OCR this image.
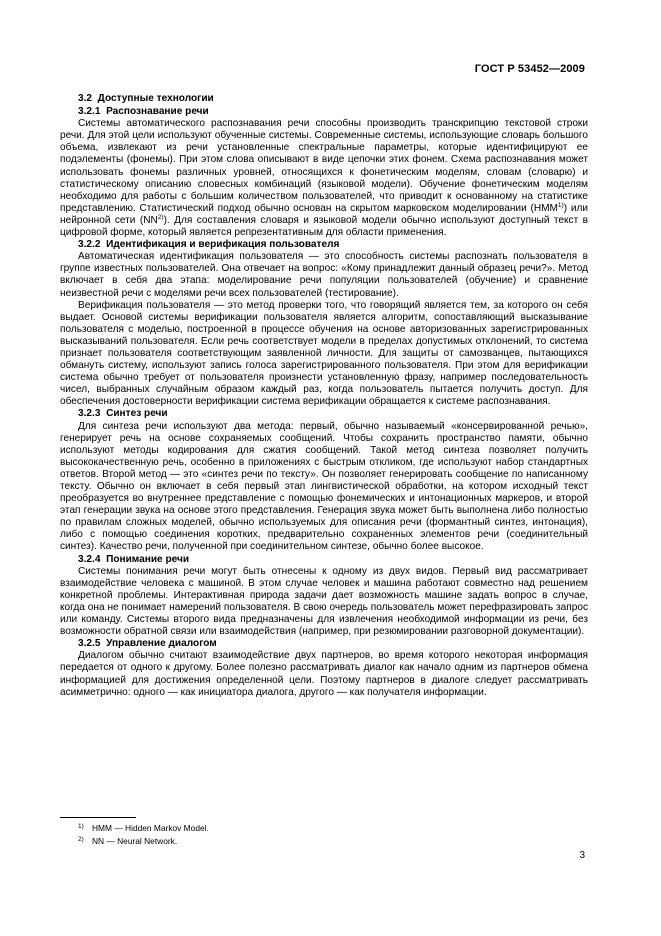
ГОСТ Р 53452—2009
3.2 Доступные технологии
3.2.1 Распознавание речи

Системы автоматического распознавания речи способны производить транскрипцию текстовой строки речи. Для этой цели используют обученные системы. Современные системы, использующие словарь большого объема, извлекают из речи установленные спектральные параметры, которые идентифицируют ее подэлементы (фонемы). При этом слова описывают в виде цепочки этих фонем. Схема распознавания может использовать фонемы различных уровней, относящихся к фонетическим моделям, словам (словарю) и статистическому описанию словесных комбинаций (языковой модели). Обучение фонетическим моделям необходимо для работы с большим количеством пользователей, что приводит к основанному на статистике представлению. Статистический подход обычно основан на скрытом марковском моделировании (HMM$^{1)}$) или нейронной сети (NN$^{2)}$). Для составления словаря и языковой модели обычно используют доступный текст в цифровой форме, который является репрезентативным для области применения.

3.2.2 Идентификация и верификация пользователя

Автоматическая идентификация пользователя — это способность системы распознать пользователя в группе известных пользователей. Она отвечает на вопрос: «Кому принадлежит данный образец речи?». Метод включает в себя два этапа: моделирование речи популяции пользователей (обучение) и сравнение неизвестной речи с моделями речи всех пользователей (тестирование).

Верификация пользователя — это метод проверки того, что говорящий является тем, за которого он себя выдает. Основой системы верификации пользователя является алгоритм, сопоставляющий высказывание пользователя с моделью, построенной в процессе обучения на основе авторизованных зарегистрированных высказываний пользователя. Если речь соответствует модели в пределах допустимых отклонений, то система признает пользователя соответствующим заявленной личности. Для защиты от самозванцев, пытающихся обмануть систему, используют запись голоса зарегистрированного пользователя. При этом для верификации система обычно требует от пользователя произнести установленную фразу, например последовательность чисел, выбранных случайным образом каждый раз, когда пользователь пытается получить доступ. Для обеспечения достоверности верификации система верификации обращается к системе распознавания.

3.2.3 Синтез речи

Для синтеза речи используют два метода: первый, обычно называемый «консервированной речью», генерирует речь на основе сохраняемых сообщений. Чтобы сохранить пространство памяти, обычно используют методы кодирования для сжатия сообщений. Такой метод синтеза позволяет получить высококачественную речь, особенно в приложениях с быстрым откликом, где используют набор стандартных ответов. Второй метод — это «синтез речи по тексту». Он позволяет генерировать сообщение по написанному тексту. Обычно он включает в себя первый этап лингвистической обработки, на котором исходный текст преобразуется во внутреннее представление с помощью фонемических и интонационных маркеров, и второй этап генерации звука на основе этого представления. Генерация звука может быть выполнена либо полностью по правилам сложных моделей, обычно используемых для описания речи (формантный синтез, интонация), либо с помощью соединения коротких, предварительно сохраненных элементов речи (соединительный синтез). Качество речи, полученной при соединительном синтезе, обычно более высокое.

3.2.4 Понимание речи

Системы понимания речи могут быть отнесены к одному из двух видов. Первый вид рассматривает взаимодействие человека с машиной. В этом случае человек и машина работают совместно над решением конкретной проблемы. Интерактивная природа задачи дает возможность машине задать вопрос в случае, когда она не понимает намерений пользователя. В свою очередь пользователь может перефразировать запрос или команду. Системы второго вида предназначены для извлечения необходимой информации из речи, без возможности обратной связи или взаимодействия (например, при резюмировании разговорной документации).

3.2.5 Управление диалогом

Диалогом обычно считают взаимодействие двух партнеров, во время которого некоторая информация передается от одного к другому. Более полезно рассматривать диалог как начало одним из партнеров обмена информацией для достижения определенной цели. Поэтому партнеров в диалоге следует рассматривать асимметрично: одного — как инициатора диалога, другого — как получателя информации.

1) HMM — Hidden Markov Model.
2) NN — Neural Network.
3
